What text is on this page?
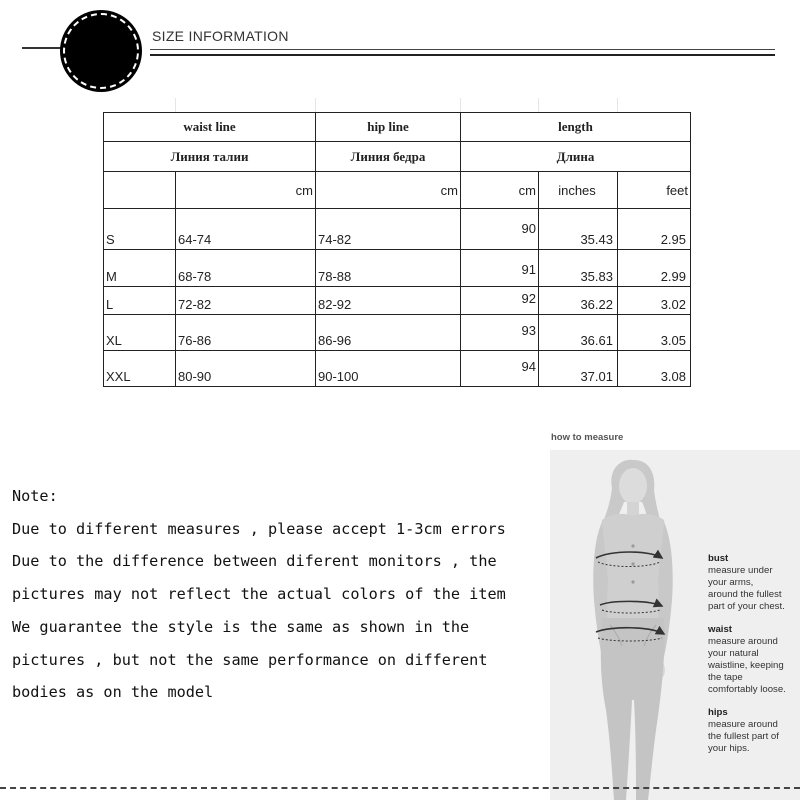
SIZE INFORMATION
waist line		hip line	length		
Линия талии		Линия бедра	Длина		
	cm	cm	cm	inches	feet
S	64-74	74-82	90	35.43	2.95
M	68-78	78-88	91	35.83	2.99
L	72-82	82-92	92	36.22	3.02
XL	76-86	86-96	93	36.61	3.05
XXL	80-90	90-100	94	37.01	3.08
Note:
Due to different measures , please accept 1-3cm errors
Due to the difference between diferent monitors , the
pictures may not reflect the actual colors of the item
We guarantee the style is the same as shown in the
pictures , but not the same performance on different
bodies as on the model
how to measure
bust
measure under
your arms,
around the fullest
part of your chest.
waist
measure around
your natural
waistline, keeping
the tape
comfortably loose.
hips
measure around
the fullest part of
your hips.
